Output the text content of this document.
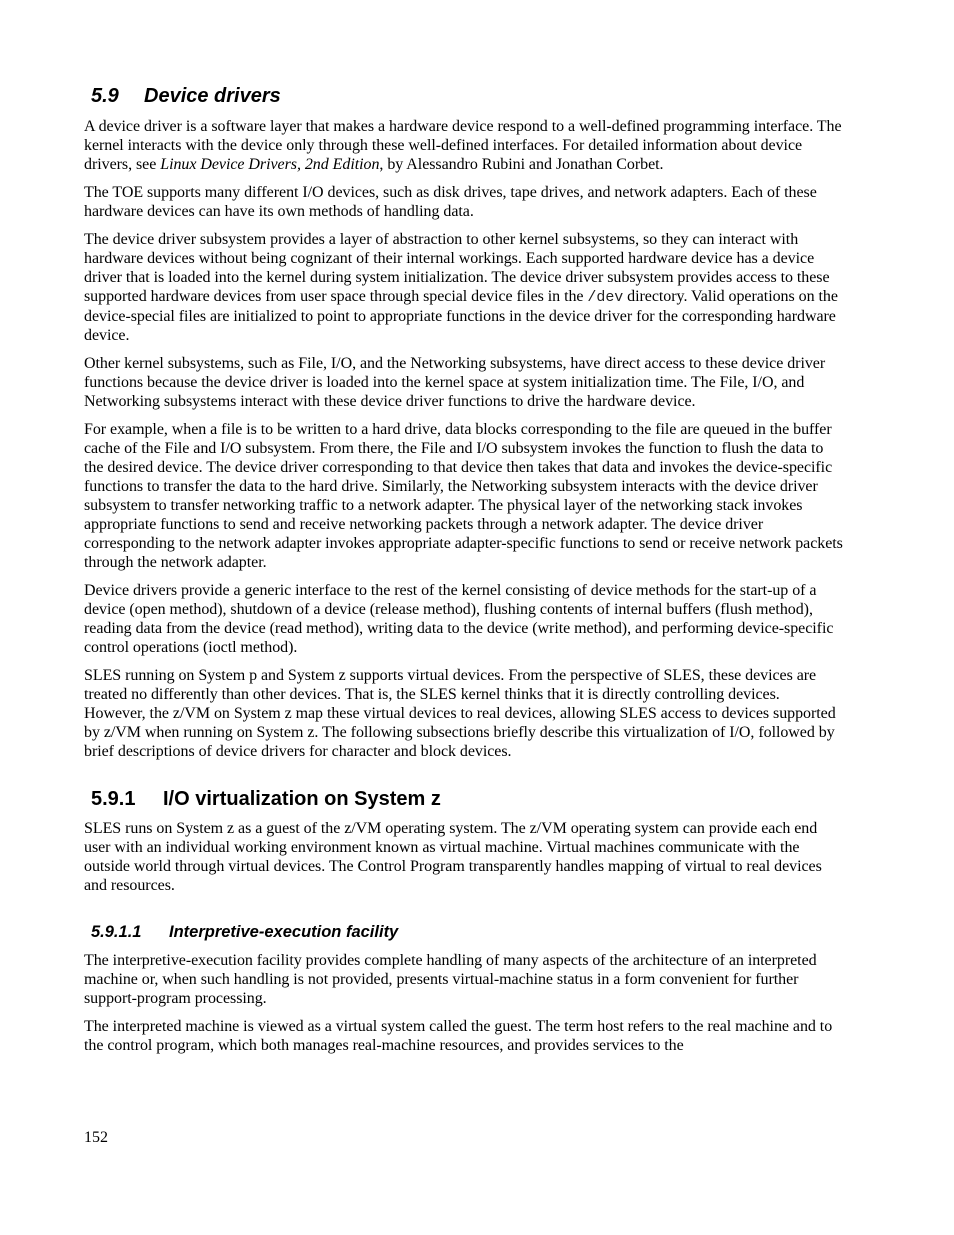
5.9 Device drivers

A device driver is a software layer that makes a hardware device respond to a well-defined programming interface. The kernel interacts with the device only through these well-defined interfaces. For detailed information about device drivers, see Linux Device Drivers, 2nd Edition, by Alessandro Rubini and Jonathan Corbet.

The TOE supports many different I/O devices, such as disk drives, tape drives, and network adapters. Each of these hardware devices can have its own methods of handling data.

The device driver subsystem provides a layer of abstraction to other kernel subsystems, so they can interact with hardware devices without being cognizant of their internal workings. Each supported hardware device has a device driver that is loaded into the kernel during system initialization. The device driver subsystem provides access to these supported hardware devices from user space through special device files in the /dev directory. Valid operations on the device-special files are initialized to point to appropriate functions in the device driver for the corresponding hardware device.

Other kernel subsystems, such as File, I/O, and the Networking subsystems, have direct access to these device driver functions because the device driver is loaded into the kernel space at system initialization time. The File, I/O, and Networking subsystems interact with these device driver functions to drive the hardware device.

For example, when a file is to be written to a hard drive, data blocks corresponding to the file are queued in the buffer cache of the File and I/O subsystem. From there, the File and I/O subsystem invokes the function to flush the data to the desired device. The device driver corresponding to that device then takes that data and invokes the device-specific functions to transfer the data to the hard drive. Similarly, the Networking subsystem interacts with the device driver subsystem to transfer networking traffic to a network adapter. The physical layer of the networking stack invokes appropriate functions to send and receive networking packets through a network adapter. The device driver corresponding to the network adapter invokes appropriate adapter-specific functions to send or receive network packets through the network adapter.

Device drivers provide a generic interface to the rest of the kernel consisting of device methods for the start-up of a device (open method), shutdown of a device (release method), flushing contents of internal buffers (flush method), reading data from the device (read method), writing data to the device (write method), and performing device-specific control operations (ioctl method).

SLES running on System p and System z supports virtual devices. From the perspective of SLES, these devices are treated no differently than other devices. That is, the SLES kernel thinks that it is directly controlling devices. However, the z/VM on System z map these virtual devices to real devices, allowing SLES access to devices supported by z/VM when running on System z. The following subsections briefly describe this virtualization of I/O, followed by brief descriptions of device drivers for character and block devices.

5.9.1 I/O virtualization on System z

SLES runs on System z as a guest of the z/VM operating system. The z/VM operating system can provide each end user with an individual working environment known as virtual machine. Virtual machines communicate with the outside world through virtual devices. The Control Program transparently handles mapping of virtual to real devices and resources.

5.9.1.1 Interpretive-execution facility

The interpretive-execution facility provides complete handling of many aspects of the architecture of an interpreted machine or, when such handling is not provided, presents virtual-machine status in a form convenient for further support-program processing.

The interpreted machine is viewed as a virtual system called the guest. The term host refers to the real machine and to the control program, which both manages real-machine resources, and provides services to the

152
